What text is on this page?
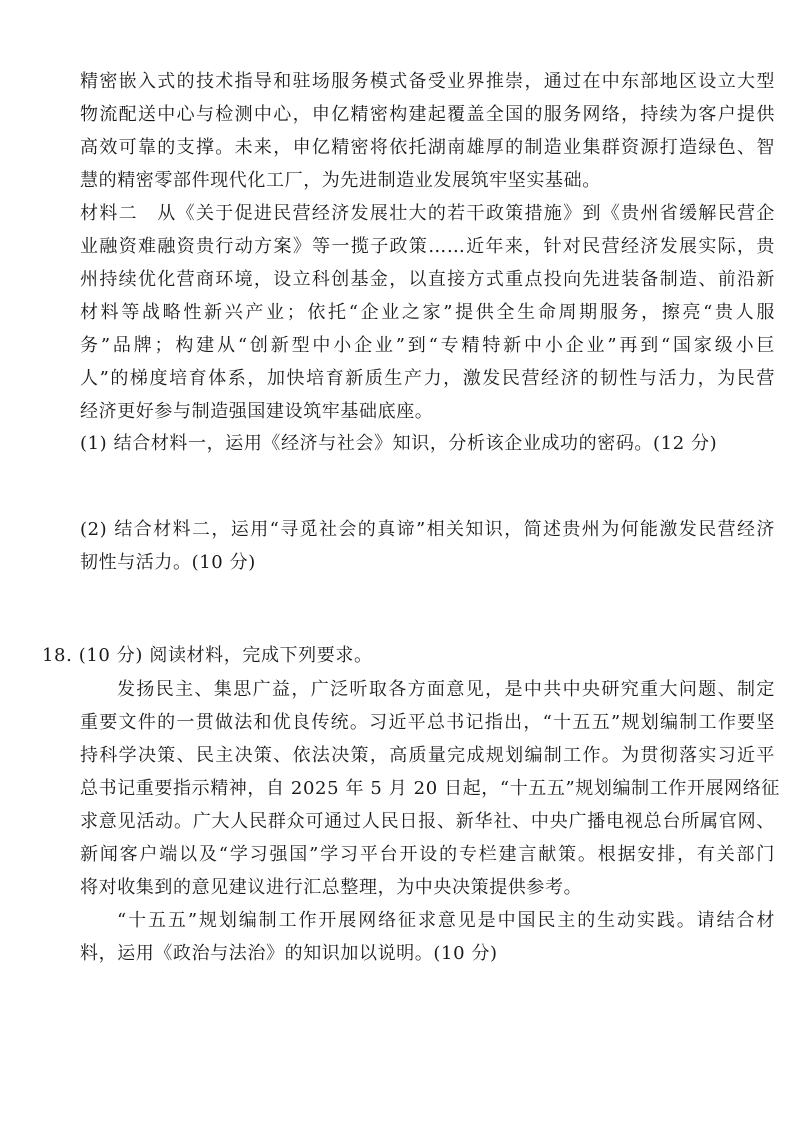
精密嵌入式的技术指导和驻场服务模式备受业界推崇，通过在中东部地区设立大型
物流配送中心与检测中心，申亿精密构建起覆盖全国的服务网络，持续为客户提供
高效可靠的支撑。未来，申亿精密将依托湖南雄厚的制造业集群资源打造绿色、智
慧的精密零部件现代化工厂，为先进制造业发展筑牢坚实基础。
材料二　从《关于促进民营经济发展壮大的若干政策措施》到《贵州省缓解民营企
业融资难融资贵行动方案》等一揽子政策……近年来，针对民营经济发展实际，贵
州持续优化营商环境，设立科创基金，以直接方式重点投向先进装备制造、前沿新
材料等战略性新兴产业；依托“企业之家”提供全生命周期服务，擦亮“贵人服
务”品牌；构建从“创新型中小企业”到“专精特新中小企业”再到“国家级小巨
人”的梯度培育体系，加快培育新质生产力，激发民营经济的韧性与活力，为民营
经济更好参与制造强国建设筑牢基础底座。
(1) 结合材料一，运用《经济与社会》知识，分析该企业成功的密码。(12 分)
(2) 结合材料二，运用“寻觅社会的真谛”相关知识，简述贵州为何能激发民营经济
韧性与活力。(10 分)
18. (10 分) 阅读材料，完成下列要求。
发扬民主、集思广益，广泛听取各方面意见，是中共中央研究重大问题、制定
重要文件的一贯做法和优良传统。习近平总书记指出，“十五五”规划编制工作要坚
持科学决策、民主决策、依法决策，高质量完成规划编制工作。为贯彻落实习近平
总书记重要指示精神，自 2025 年 5 月 20 日起，“十五五”规划编制工作开展网络征
求意见活动。广大人民群众可通过人民日报、新华社、中央广播电视总台所属官网、
新闻客户端以及“学习强国”学习平台开设的专栏建言献策。根据安排，有关部门
将对收集到的意见建议进行汇总整理，为中央决策提供参考。
“十五五”规划编制工作开展网络征求意见是中国民主的生动实践。请结合材
料，运用《政治与法治》的知识加以说明。(10 分)
